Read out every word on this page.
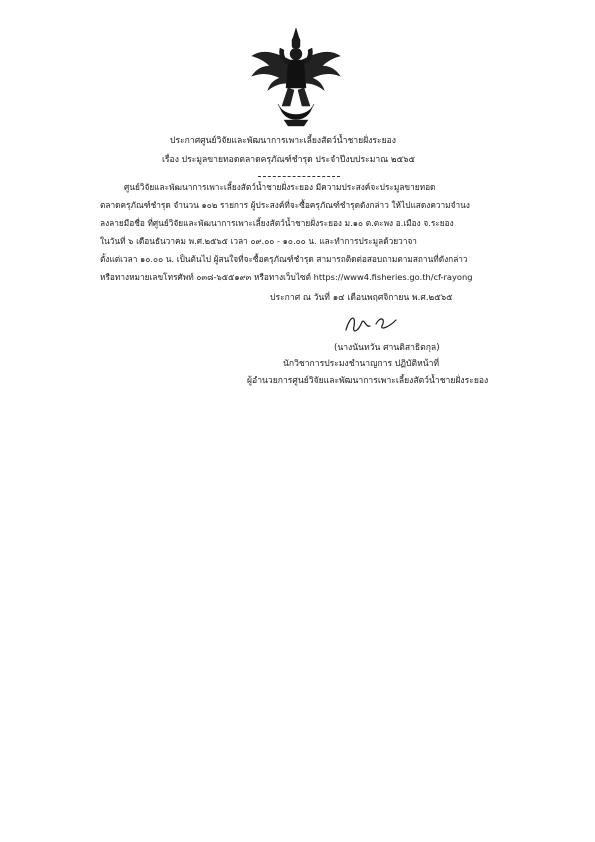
ประกาศศูนย์วิจัยและพัฒนาการเพาะเลี้ยงสัตว์น้ำชายฝั่งระยอง
เรื่อง ประมูลขายทอดตลาดครุภัณฑ์ชำรุด ประจำปีงบประมาณ ๒๕๖๕
ศูนย์วิจัยและพัฒนาการเพาะเลี้ยงสัตว์น้ำชายฝั่งระยอง มีความประสงค์จะประมูลขายทอด
ตลาดครุภัณฑ์ชำรุด จำนวน ๑๐๒ รายการ ผู้ประสงค์ที่จะซื้อครุภัณฑ์ชำรุดดังกล่าว ให้ไปแสดงความจำนง
ลงลายมือชื่อ ที่ศูนย์วิจัยและพัฒนาการเพาะเลี้ยงสัตว์น้ำชายฝั่งระยอง ม.๑๐ ต.ตะพง อ.เมือง จ.ระยอง
ในวันที่ ๖ เดือนธันวาคม พ.ศ.๒๕๖๕ เวลา ๐๙.๐๐ - ๑๐.๐๐ น. และทำการประมูลด้วยวาจา
ตั้งแต่เวลา ๑๐.๐๐ น. เป็นต้นไป ผู้สนใจที่จะซื้อครุภัณฑ์ชำรุด สามารถติดต่อสอบถามตามสถานที่ดังกล่าว
หรือทางหมายเลขโทรศัพท์ ๐๓๘-๖๕๕๑๙๓ หรือทางเว็บไซต์ https://www4.fisheries.go.th/cf-rayong
ประกาศ ณ วันที่ ๑๔ เดือนพฤศจิกายน พ.ศ.๒๕๖๕
(นางนันทวัน ศานติสาธิตกุล)
นักวิชาการประมงชำนาญการ ปฏิบัติหน้าที่
ผู้อำนวยการศูนย์วิจัยและพัฒนาการเพาะเลี้ยงสัตว์น้ำชายฝั่งระยอง
